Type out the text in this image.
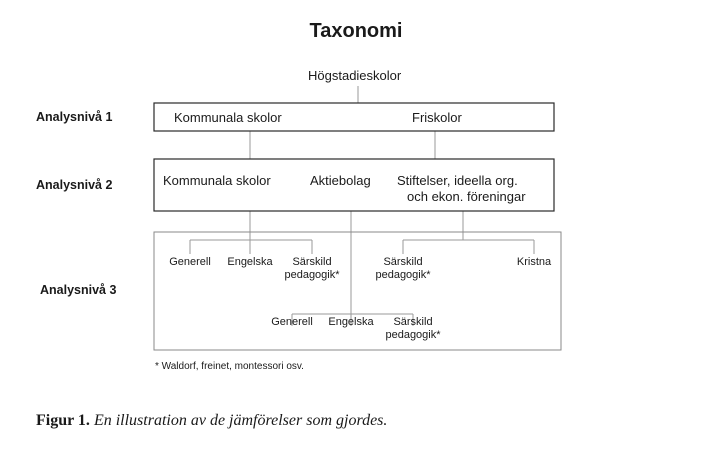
Taxonomi
Högstadieskolor
Analysnivå 1
Analysnivå 2
Analysnivå 3
Kommunala skolor	Friskolor
Kommunala skolor	Aktiebolag Stiftelser, ideella org.
och ekon. föreningar
Generell	Engelska	Särskild
pedagogik*
Särskild
pedagogik*
Kristna
Generell	Engelska	Särskild
pedagogik*
* Waldorf, freinet, montessori osv.
Figur 1. En illustration av de jämförelser som gjordes.
